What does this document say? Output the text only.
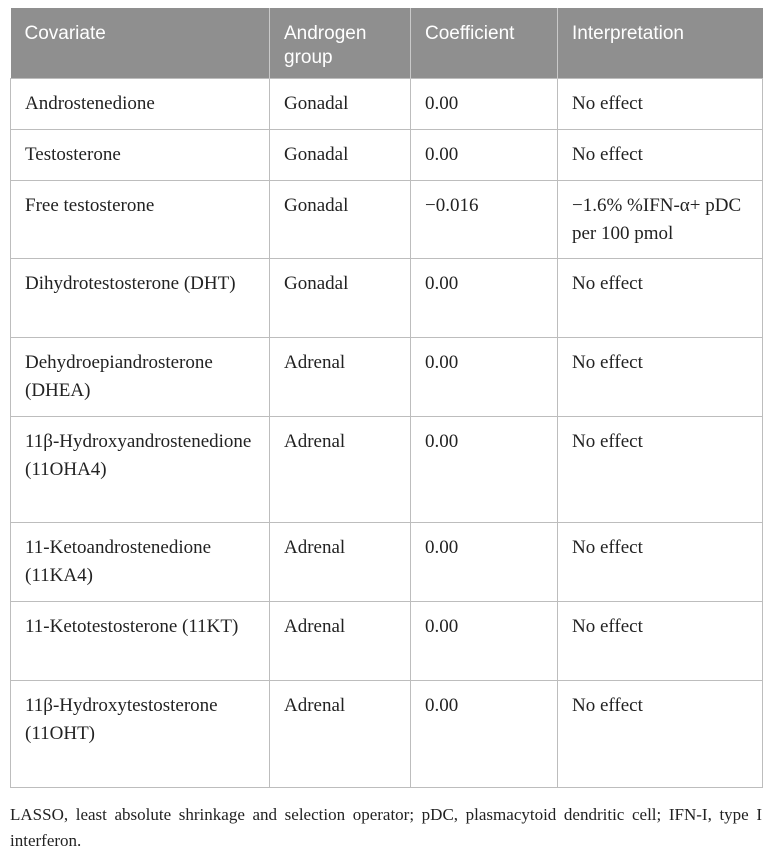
Covariate	Androgen group	Coefficient	Interpretation
Androstenedione	Gonadal	0.00	No effect
Testosterone	Gonadal	0.00	No effect
Free testosterone	Gonadal	−0.016	−1.6% %IFN-α+ pDC per 100 pmol
Dihydrotestosterone (DHT)	Gonadal	0.00	No effect
Dehydroepiandrosterone (DHEA)	Adrenal	0.00	No effect
11β-Hydroxyandrostenedione (11OHA4)	Adrenal	0.00	No effect
11-Ketoandrostenedione (11KA4)	Adrenal	0.00	No effect
11-Ketotestosterone (11KT)	Adrenal	0.00	No effect
11β-Hydroxytestosterone (11OHT)	Adrenal	0.00	No effect

LASSO, least absolute shrinkage and selection operator; pDC, plasmacytoid dendritic cell; IFN-I, type I interferon.
